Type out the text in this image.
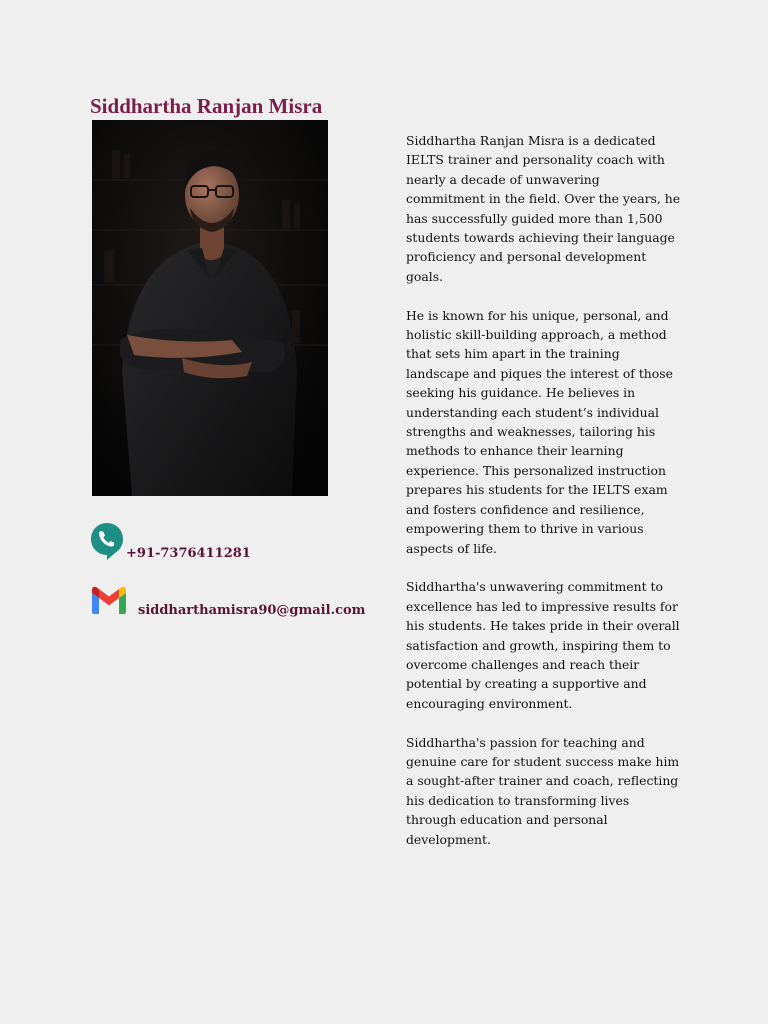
Siddhartha Ranjan Misra
+91-7376411281
siddharthamisra90@gmail.com

Siddhartha Ranjan Misra is a dedicated IELTS trainer and personality coach with nearly a decade of unwavering commitment in the field. Over the years, he has successfully guided more than 1,500 students towards achieving their language proficiency and personal development goals.

He is known for his unique, personal, and holistic skill-building approach, a method that sets him apart in the training landscape and piques the interest of those seeking his guidance. He believes in understanding each student’s individual strengths and weaknesses, tailoring his methods to enhance their learning experience. This personalized instruction prepares his students for the IELTS exam and fosters confidence and resilience, empowering them to thrive in various aspects of life.

Siddhartha's unwavering commitment to excellence has led to impressive results for his students. He takes pride in their overall satisfaction and growth, inspiring them to overcome challenges and reach their potential by creating a supportive and encouraging environment.

Siddhartha's passion for teaching and genuine care for student success make him a sought-after trainer and coach, reflecting his dedication to transforming lives through education and personal development.
